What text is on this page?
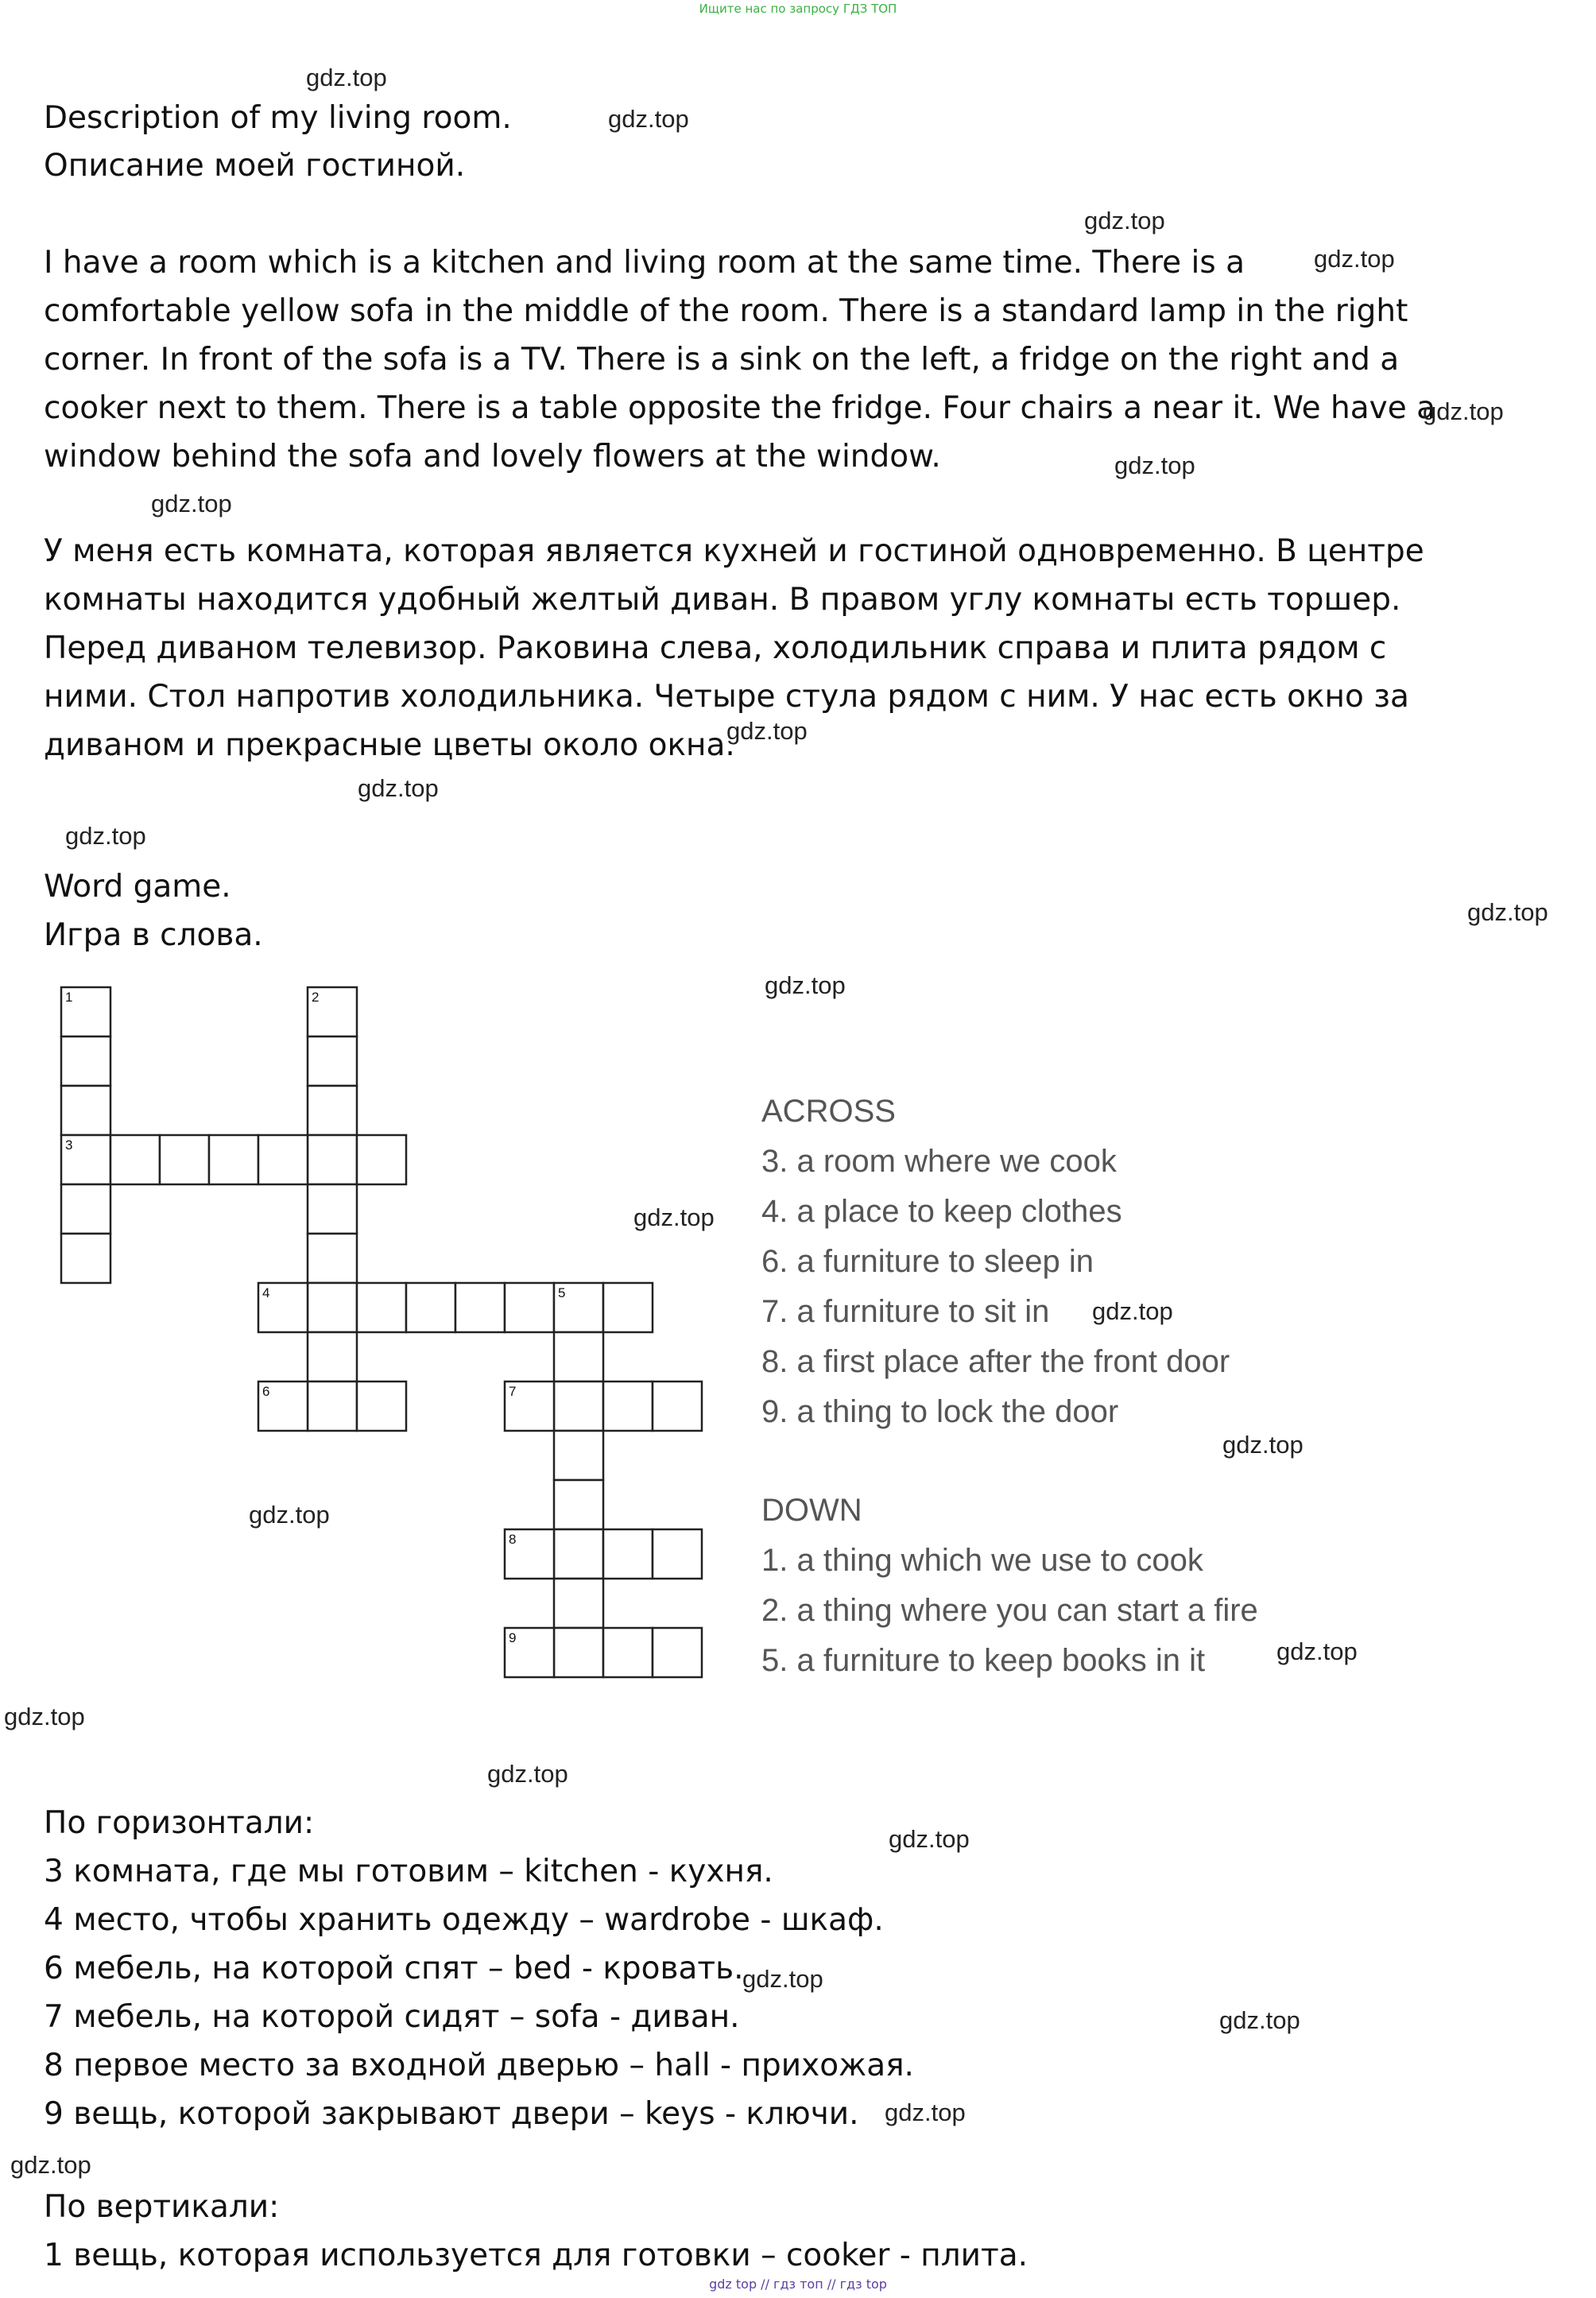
Ищите нас по запросу ГДЗ ТОП
Description of my living room.
Описание моей гостиной.
I have a room which is a kitchen and living room at the same time. There is a
comfortable yellow sofa in the middle of the room. There is a standard lamp in the right
corner. In front of the sofa is a TV. There is a sink on the left, a fridge on the right and a
cooker next to them. There is a table opposite the fridge. Four chairs a near it. We have a
window behind the sofa and lovely flowers at the window.
У меня есть комната, которая является кухней и гостиной одновременно. В центре
комнаты находится удобный желтый диван. В правом углу комнаты есть торшер.
Перед диваном телевизор. Раковина слева, холодильник справа и плита рядом с
ними. Стол напротив холодильника. Четыре стула рядом с ним. У нас есть окно за
диваном и прекрасные цветы около окна.
Word game.
Игра в слова.
1	2
3
4	5
6	7
8
9
ACROSS
3. a room where we cook
4. a place to keep clothes
6. a furniture to sleep in
7. a furniture to sit in
8. a first place after the front door
9. a thing to lock the door
DOWN
1. a thing which we use to cook
2. a thing where you can start a fire
5. a furniture to keep books in it
По горизонтали:
3 комната, где мы готовим – kitchen - кухня.
4 место, чтобы хранить одежду – wardrobe - шкаф.
6 мебель, на которой спят – bed - кровать.
7 мебель, на которой сидят – sofa - диван.
8 первое место за входной дверью – hall - прихожая.
9 вещь, которой закрывают двери – keys - ключи.
По вертикали:
1 вещь, которая используется для готовки – cooker - плита.
gdz.top
gdz.top
gdz.top
gdz.top
gdz.top
gdz.top
gdz.top
gdz.top
gdz.top
gdz.top
gdz.top
gdz.top
gdz.top
gdz.top
gdz.top
gdz.top
gdz.top
gdz.top
gdz.top
gdz.top
gdz.top
gdz.top
gdz.top
gdz.top
gdz top // гдз топ // гдз top
